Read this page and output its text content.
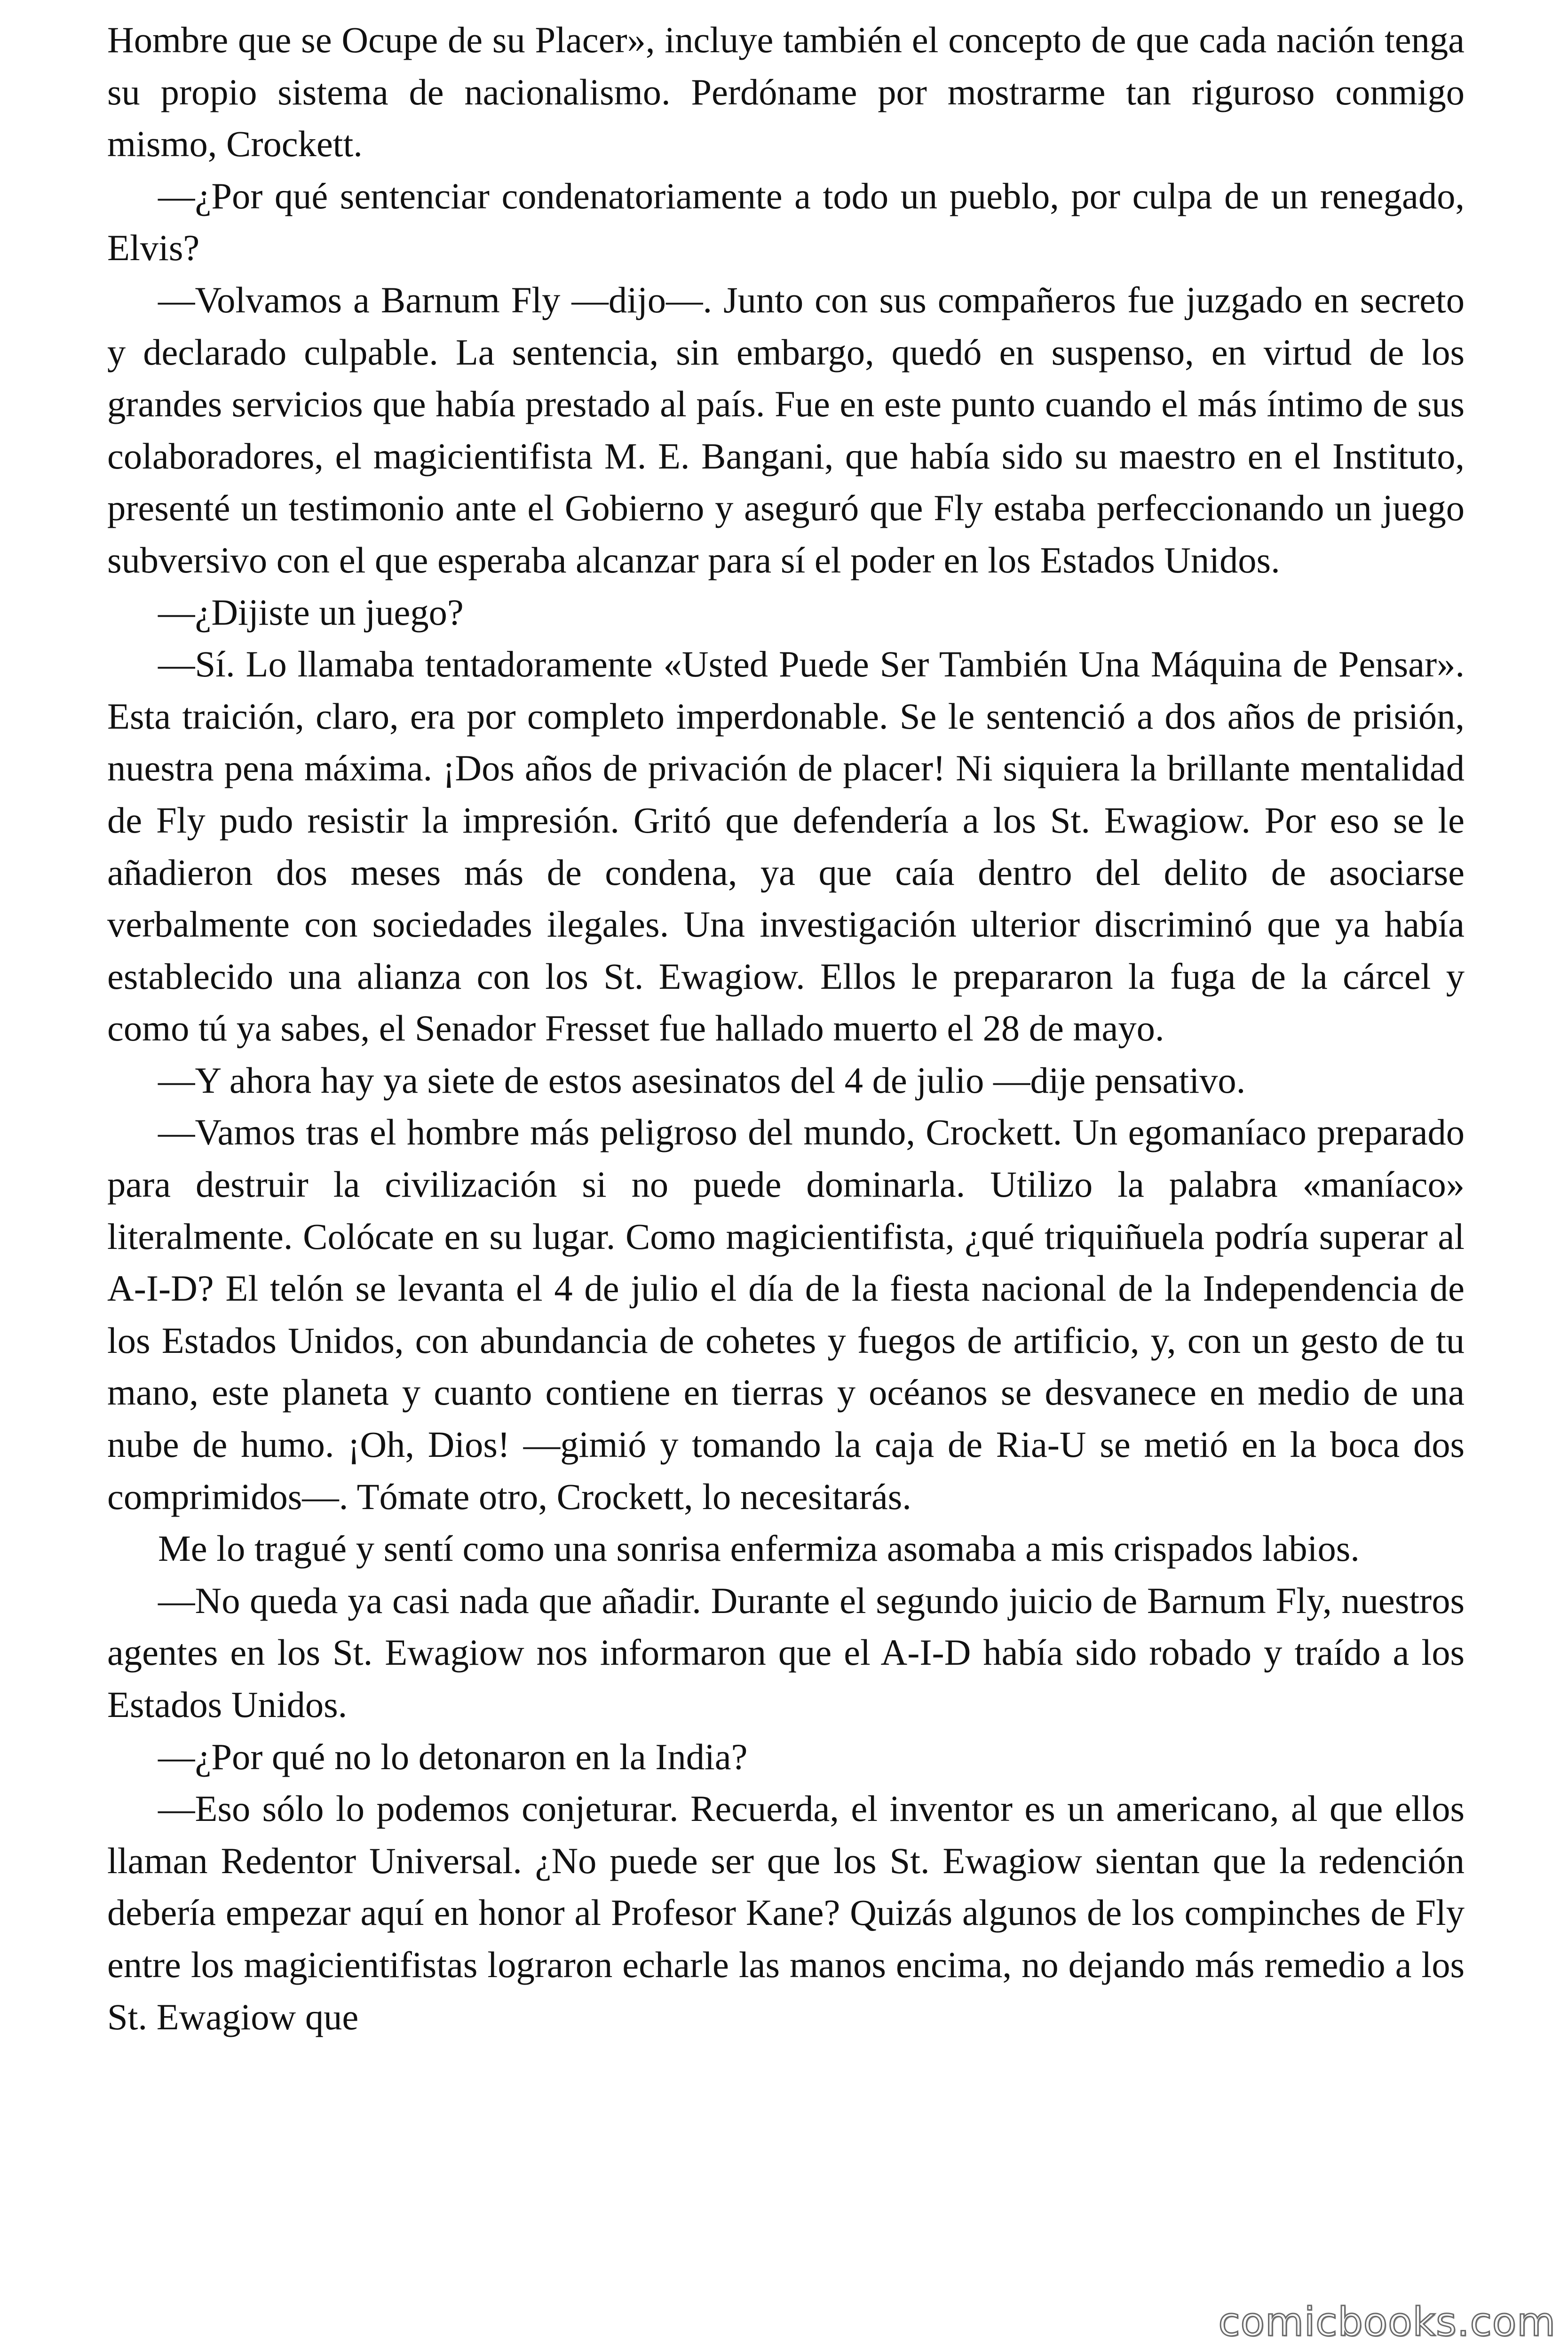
Hombre que se Ocupe de su Placer», incluye también el concepto de que cada nación tenga su propio sistema de nacionalismo. Perdóname por mostrarme tan riguroso conmigo mismo, Crockett.

—¿Por qué sentenciar condenatoriamente a todo un pueblo, por culpa de un renegado, Elvis?

—Volvamos a Barnum Fly —dijo—. Junto con sus compañeros fue juzgado en secreto y declarado culpable. La sentencia, sin embargo, quedó en suspenso, en virtud de los grandes servicios que había prestado al país. Fue en este punto cuando el más íntimo de sus colaboradores, el magicientifista M. E. Bangani, que había sido su maestro en el Instituto, presenté un testimonio ante el Gobierno y aseguró que Fly estaba perfeccionando un juego subversivo con el que esperaba alcanzar para sí el poder en los Estados Unidos.

—¿Dijiste un juego?

—Sí. Lo llamaba tentadoramente «Usted Puede Ser También Una Máquina de Pensar». Esta traición, claro, era por completo imperdonable. Se le sentenció a dos años de prisión, nuestra pena máxima. ¡Dos años de privación de placer! Ni siquiera la brillante mentalidad de Fly pudo resistir la impresión. Gritó que defendería a los St. Ewagiow. Por eso se le añadieron dos meses más de condena, ya que caía dentro del delito de asociarse verbalmente con sociedades ilegales. Una investigación ulterior discriminó que ya había establecido una alianza con los St. Ewagiow. Ellos le prepararon la fuga de la cárcel y como tú ya sabes, el Senador Fresset fue hallado muerto el 28 de mayo.

—Y ahora hay ya siete de estos asesinatos del 4 de julio —dije pensativo.

—Vamos tras el hombre más peligroso del mundo, Crockett. Un egomaníaco preparado para destruir la civilización si no puede dominarla. Utilizo la palabra «maníaco» literalmente. Colócate en su lugar. Como magicientifista, ¿qué triquiñuela podría superar al A-I-D? El telón se levanta el 4 de julio el día de la fiesta nacional de la Independencia de los Estados Unidos, con abundancia de cohetes y fuegos de artificio, y, con un gesto de tu mano, este planeta y cuanto contiene en tierras y océanos se desvanece en medio de una nube de humo. ¡Oh, Dios! —gimió y tomando la caja de Ria-U se metió en la boca dos comprimidos—. Tómate otro, Crockett, lo necesitarás.

Me lo tragué y sentí como una sonrisa enfermiza asomaba a mis crispados labios.

—No queda ya casi nada que añadir. Durante el segundo juicio de Barnum Fly, nuestros agentes en los St. Ewagiow nos informaron que el A-I-D había sido robado y traído a los Estados Unidos.

—¿Por qué no lo detonaron en la India?

—Eso sólo lo podemos conjeturar. Recuerda, el inventor es un americano, al que ellos llaman Redentor Universal. ¿No puede ser que los St. Ewagiow sientan que la redención debería empezar aquí en honor al Profesor Kane? Quizás algunos de los compinches de Fly entre los magicientifistas lograron echarle las manos encima, no dejando más remedio a los St. Ewagiow que

comicbooks.com
